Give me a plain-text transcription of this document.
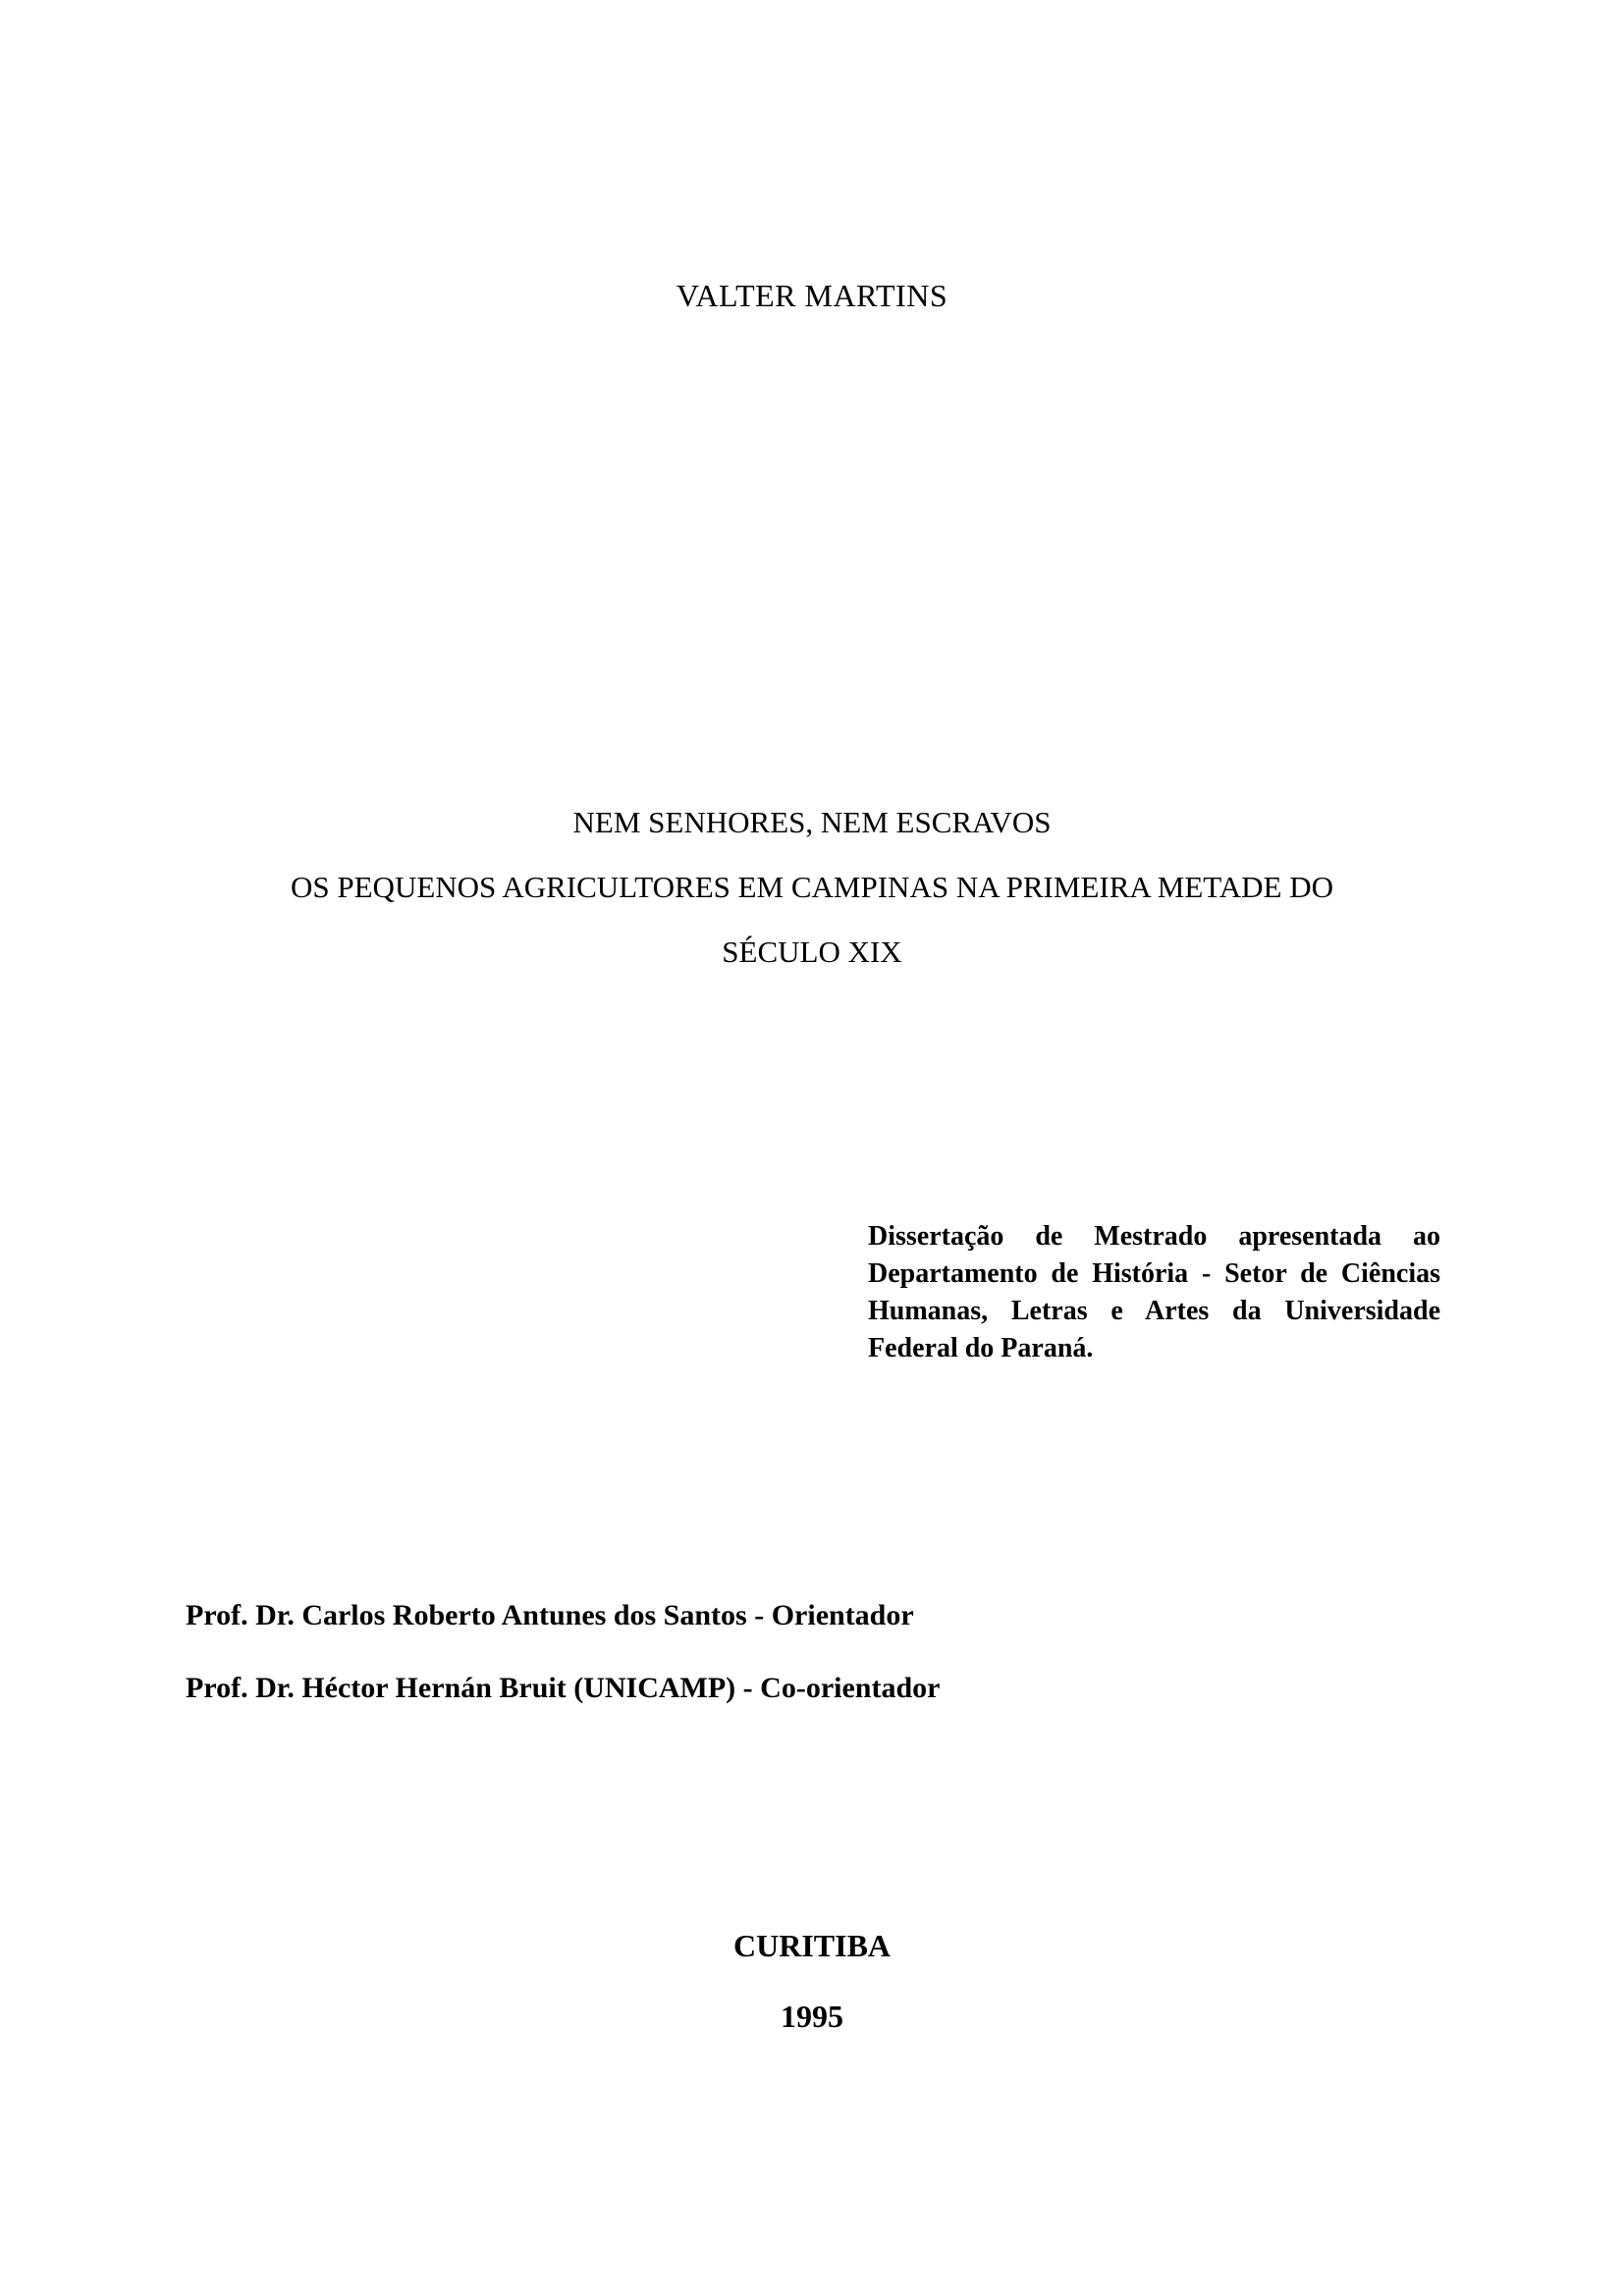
VALTER MARTINS
NEM SENHORES, NEM ESCRAVOS
OS PEQUENOS AGRICULTORES EM CAMPINAS NA PRIMEIRA METADE DO
SÉCULO XIX
Dissertação de Mestrado apresentada ao Departamento de História - Setor de Ciências Humanas, Letras e Artes da Universidade Federal do Paraná.
Prof. Dr. Carlos Roberto Antunes dos Santos - Orientador
Prof. Dr. Héctor Hernán Bruit (UNICAMP) - Co-orientador
CURITIBA
1995
